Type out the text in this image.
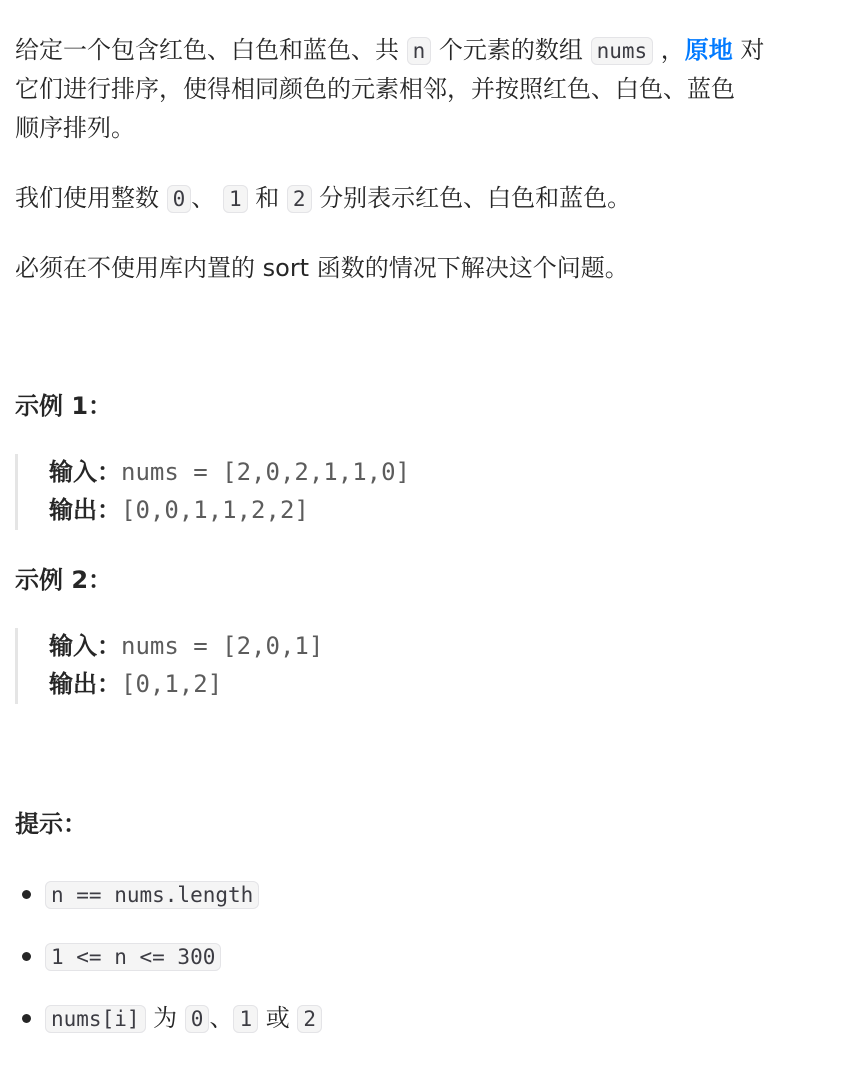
给定一个包含红色、白色和蓝色、共 n 个元素的数组 nums ，原地 对
它们进行排序，使得相同颜色的元素相邻，并按照红色、白色、蓝色
顺序排列。
我们使用整数 0 、 1 和 2 分别表示红色、白色和蓝色。
必须在不使用库内置的 sort 函数的情况下解决这个问题。
示例 1：
输入：nums = [2,0,2,1,1,0]
输出：[0,0,1,1,2,2]
示例 2：
输入：nums = [2,0,1]
输出：[0,1,2]
提示：
n == nums.length
1 <= n <= 300
nums[i] 为 0 、 1 或 2
